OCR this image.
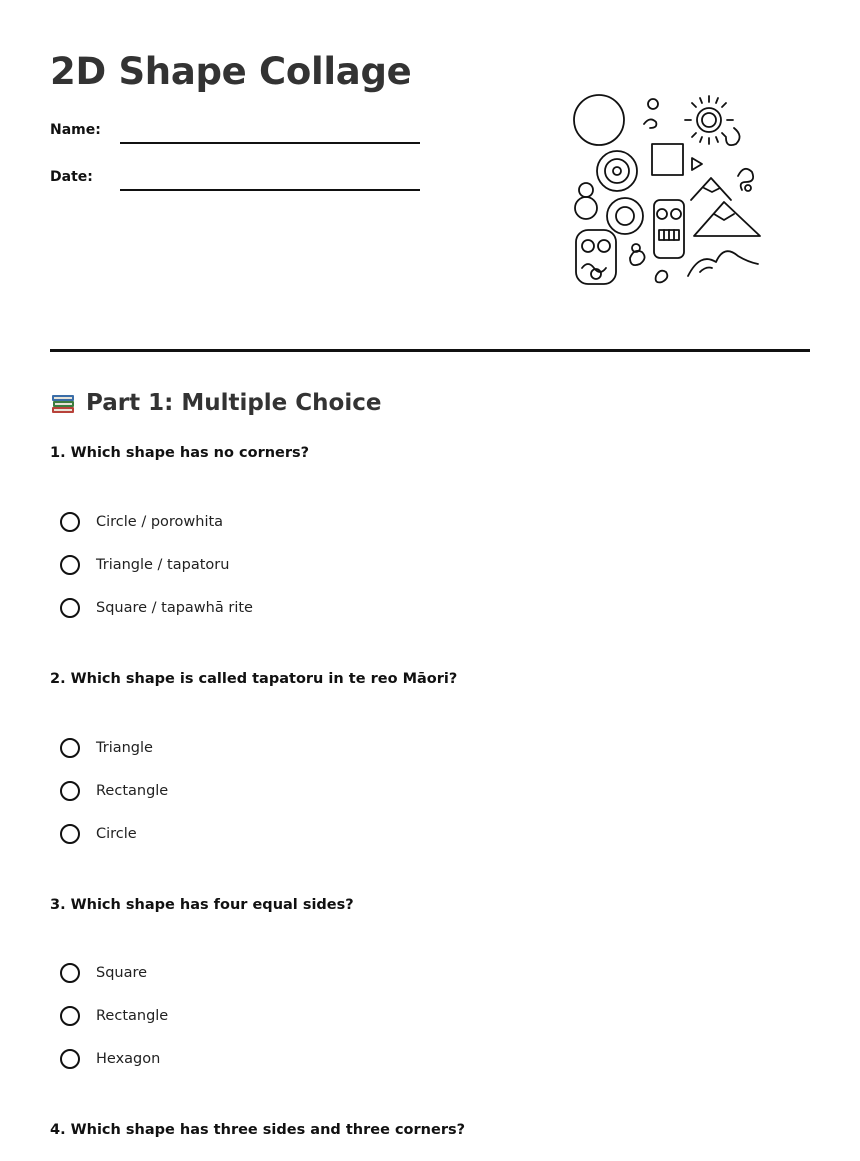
2D Shape Collage
Name:
Date:
Part 1: Multiple Choice

1. Which shape has no corners?

Circle / porowhita
Triangle / tapatoru
Square / tapawhā rite

2. Which shape is called tapatoru in te reo Māori?

Triangle
Rectangle
Circle

3. Which shape has four equal sides?

Square
Rectangle
Hexagon

4. Which shape has three sides and three corners?
